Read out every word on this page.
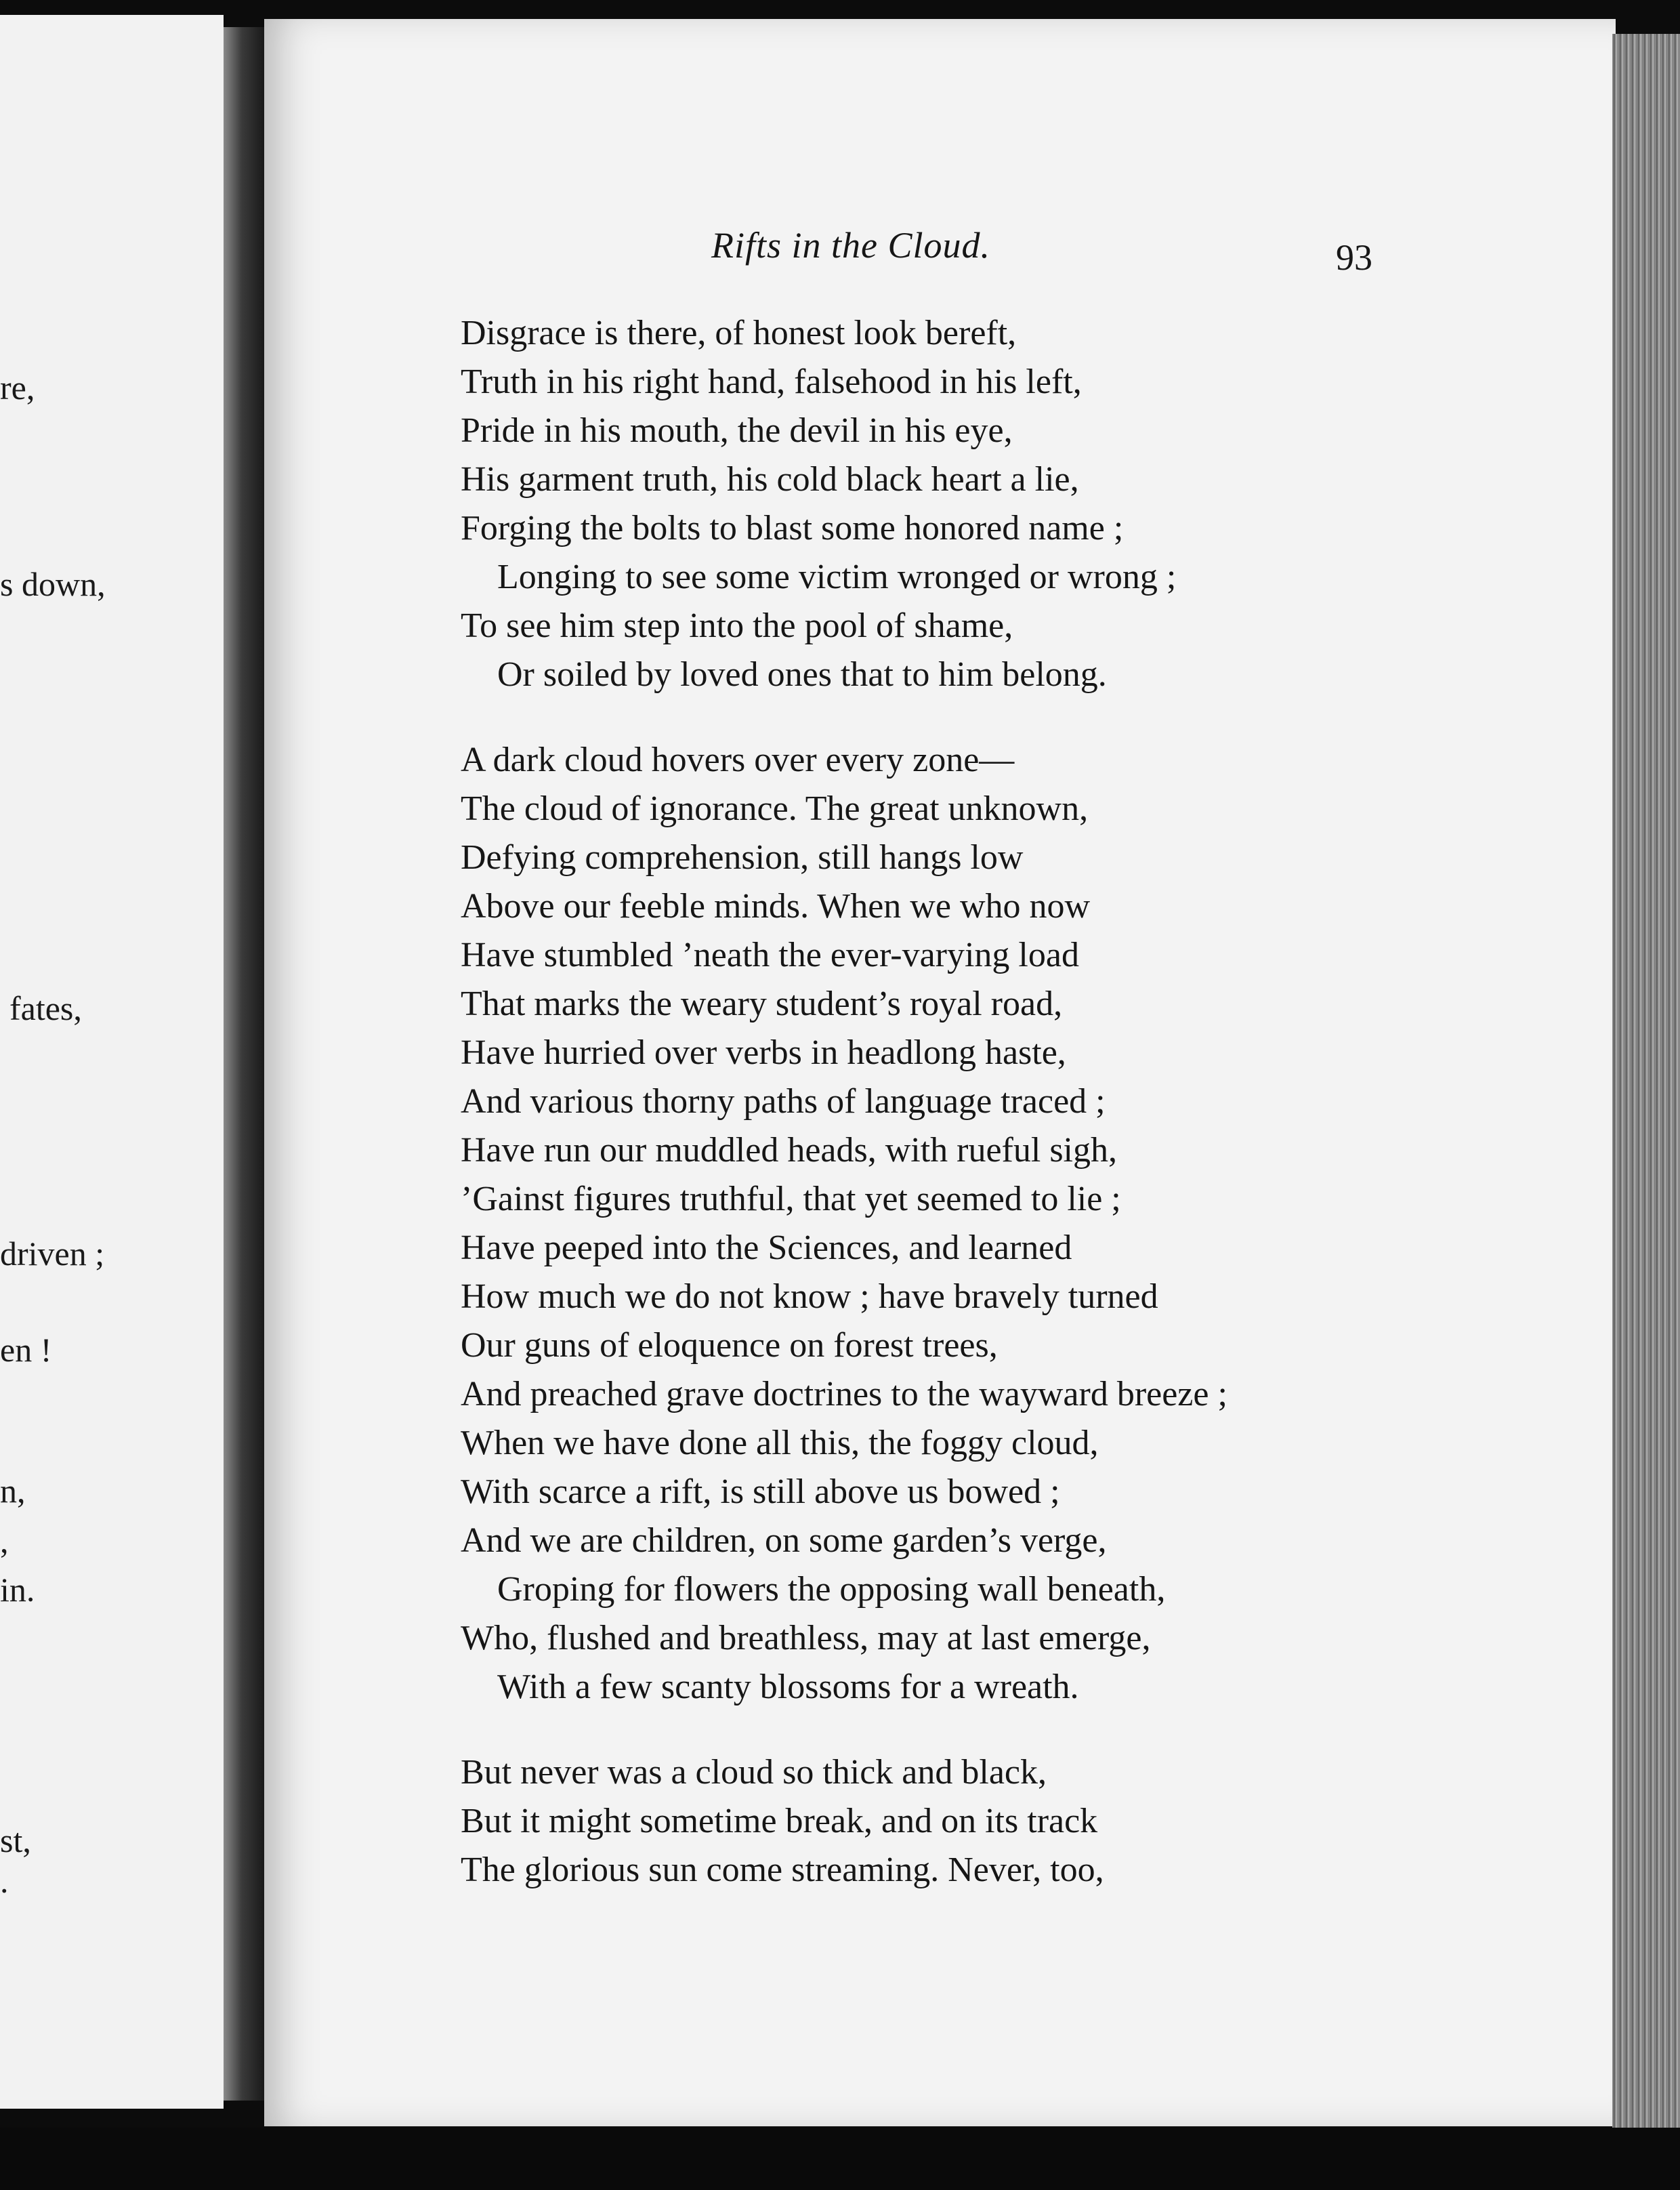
re,
s down,
fates,
driven ;
en !
n,
,
in.
st,
.
Rifts in the Cloud.	93
Disgrace is there, of honest look bereft,
Truth in his right hand, falsehood in his left,
Pride in his mouth, the devil in his eye,
His garment truth, his cold black heart a lie,
Forging the bolts to blast some honored name ;
Longing to see some victim wronged or wrong ;
To see him step into the pool of shame,
Or soiled by loved ones that to him belong.
A dark cloud hovers over every zone—
The cloud of ignorance. The great unknown,
Defying comprehension, still hangs low
Above our feeble minds. When we who now
Have stumbled ’neath the ever-varying load
That marks the weary student’s royal road,
Have hurried over verbs in headlong haste,
And various thorny paths of language traced ;
Have run our muddled heads, with rueful sigh,
’Gainst figures truthful, that yet seemed to lie ;
Have peeped into the Sciences, and learned
How much we do not know ; have bravely turned
Our guns of eloquence on forest trees,
And preached grave doctrines to the wayward breeze ;
When we have done all this, the foggy cloud,
With scarce a rift, is still above us bowed ;
And we are children, on some garden’s verge,
Groping for flowers the opposing wall beneath,
Who, flushed and breathless, may at last emerge,
With a few scanty blossoms for a wreath.
But never was a cloud so thick and black,
But it might sometime break, and on its track
The glorious sun come streaming. Never, too,
